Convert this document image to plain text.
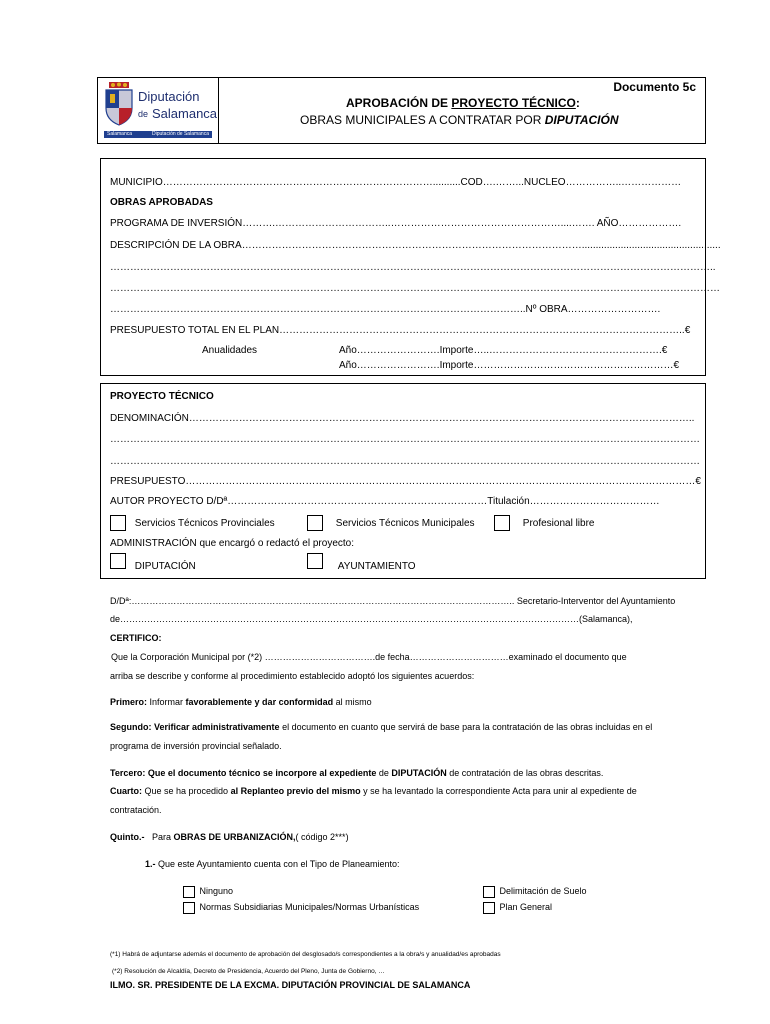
Diputación
de Salamanca
Salamanca	Diputación de Salamanca
Documento 5c
APROBACIÓN DE PROYECTO TÉCNICO:
OBRAS MUNICIPALES A CONTRATAR POR DIPUTACIÓN
MUNICIPIO………………………………………………………………………..........COD….……...NUCLEO……………..………………
OBRAS APROBADAS
PROGRAMA DE INVERSIÓN……….……………………………..……………………………………………....……. AÑO……………….
DESCRIPCIÓN DE LA OBRA…………………………………………………………………………………………..................................................
………………………………………………………………………………………………………………………………………………………………..
…………………………………………………………………………………………………………………………………………………………………
……………………………………………………………………………………………………………..Nº OBRA……………………….
PRESUPUESTO TOTAL EN EL PLAN…………………………………………………………………………………………………………..€
Anualidades	Año…………………….Importe…..…………………………………………….€
Año…………………….Importe……………………………………………………€
PROYECTO TÉCNICO
DENOMINACIÓN……………………………………………………………………………………………………………………………………..
……………………………………………………………………………………………………………………………………………………………
……………………………………………………………………………………………………………………………………………………………
PRESUPUESTO………………………………………………………………………………………………………………………………………€
AUTOR PROYECTO D/Dª……………………………………………………………………Titulación…………………………………
Servicios Técnicos Provinciales	Servicios Técnicos Municipales	Profesional libre
ADMINISTRACIÓN que encargó o redactó el proyecto:
DIPUTACIÓN	AYUNTAMIENTO
D/Dª:……………………………………………………………………………………………………………….. Secretario-Interventor del Ayuntamiento
de………………………………………………………………………………………………………………………………………(Salamanca),
CERTIFICO:
Que la Corporación Municipal por (*2) ……………………………….de fecha……………………………examinado el documento que
arriba se describe y conforme al procedimiento establecido adoptó los siguientes acuerdos:
Primero: Informar favorablemente y dar conformidad al mismo
Segundo: Verificar administrativamente el documento en cuanto que servirá de base para la contratación de las obras incluidas en el
programa de inversión provincial señalado.
Tercero: Que el documento técnico se incorpore al expediente de DIPUTACIÓN de contratación de las obras descritas.
Cuarto: Que se ha procedido al Replanteo previo del mismo y se ha levantado la correspondiente Acta para unir al expediente de
contratación.
Quinto.-   Para OBRAS DE URBANIZACIÓN,( código 2***)
1.- Que este Ayuntamiento cuenta con el Tipo de Planeamiento:
Ninguno
Normas Subsidiarias Municipales/Normas Urbanísticas
Delimitación de Suelo
Plan General
(*1) Habrá de adjuntarse además el documento de aprobación del desglosado/s correspondientes a la obra/s y anualidad/es aprobadas
(*2) Resolución de Alcaldía, Decreto de Presidencia, Acuerdo del Pleno, Junta de Gobierno, …
ILMO. SR. PRESIDENTE DE LA EXCMA. DIPUTACIÓN PROVINCIAL DE SALAMANCA
